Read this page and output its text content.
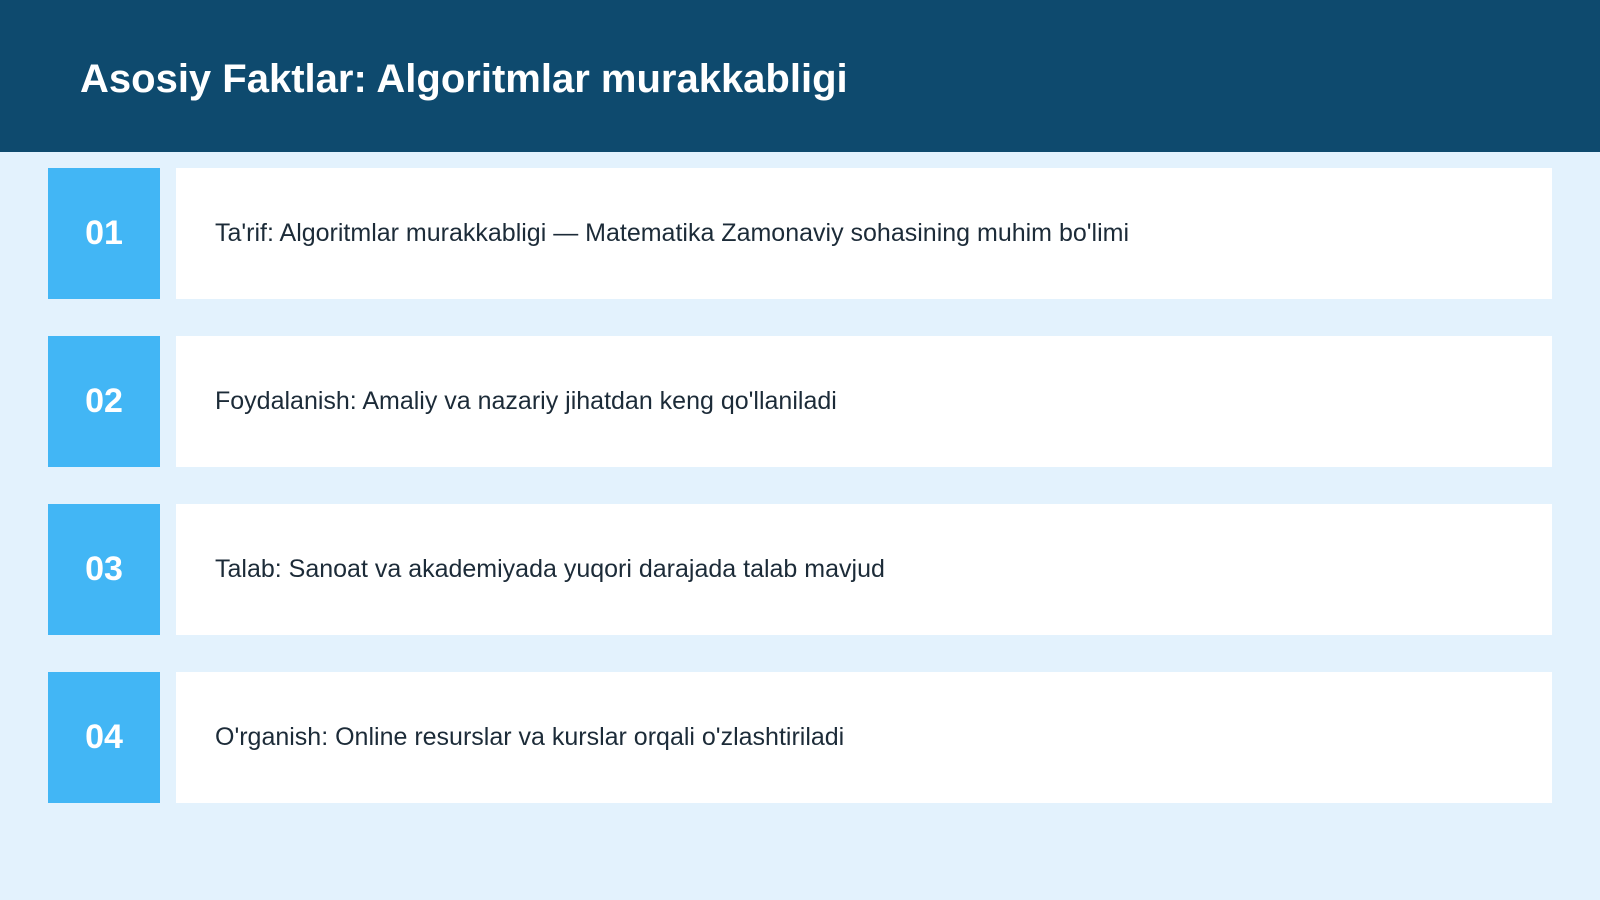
Asosiy Faktlar: Algoritmlar murakkabligi
01	Ta'rif: Algoritmlar murakkabligi — Matematika Zamonaviy sohasining muhim bo'limi
02	Foydalanish: Amaliy va nazariy jihatdan keng qo'llaniladi
03	Talab: Sanoat va akademiyada yuqori darajada talab mavjud
04	O'rganish: Online resurslar va kurslar orqali o'zlashtiriladi
